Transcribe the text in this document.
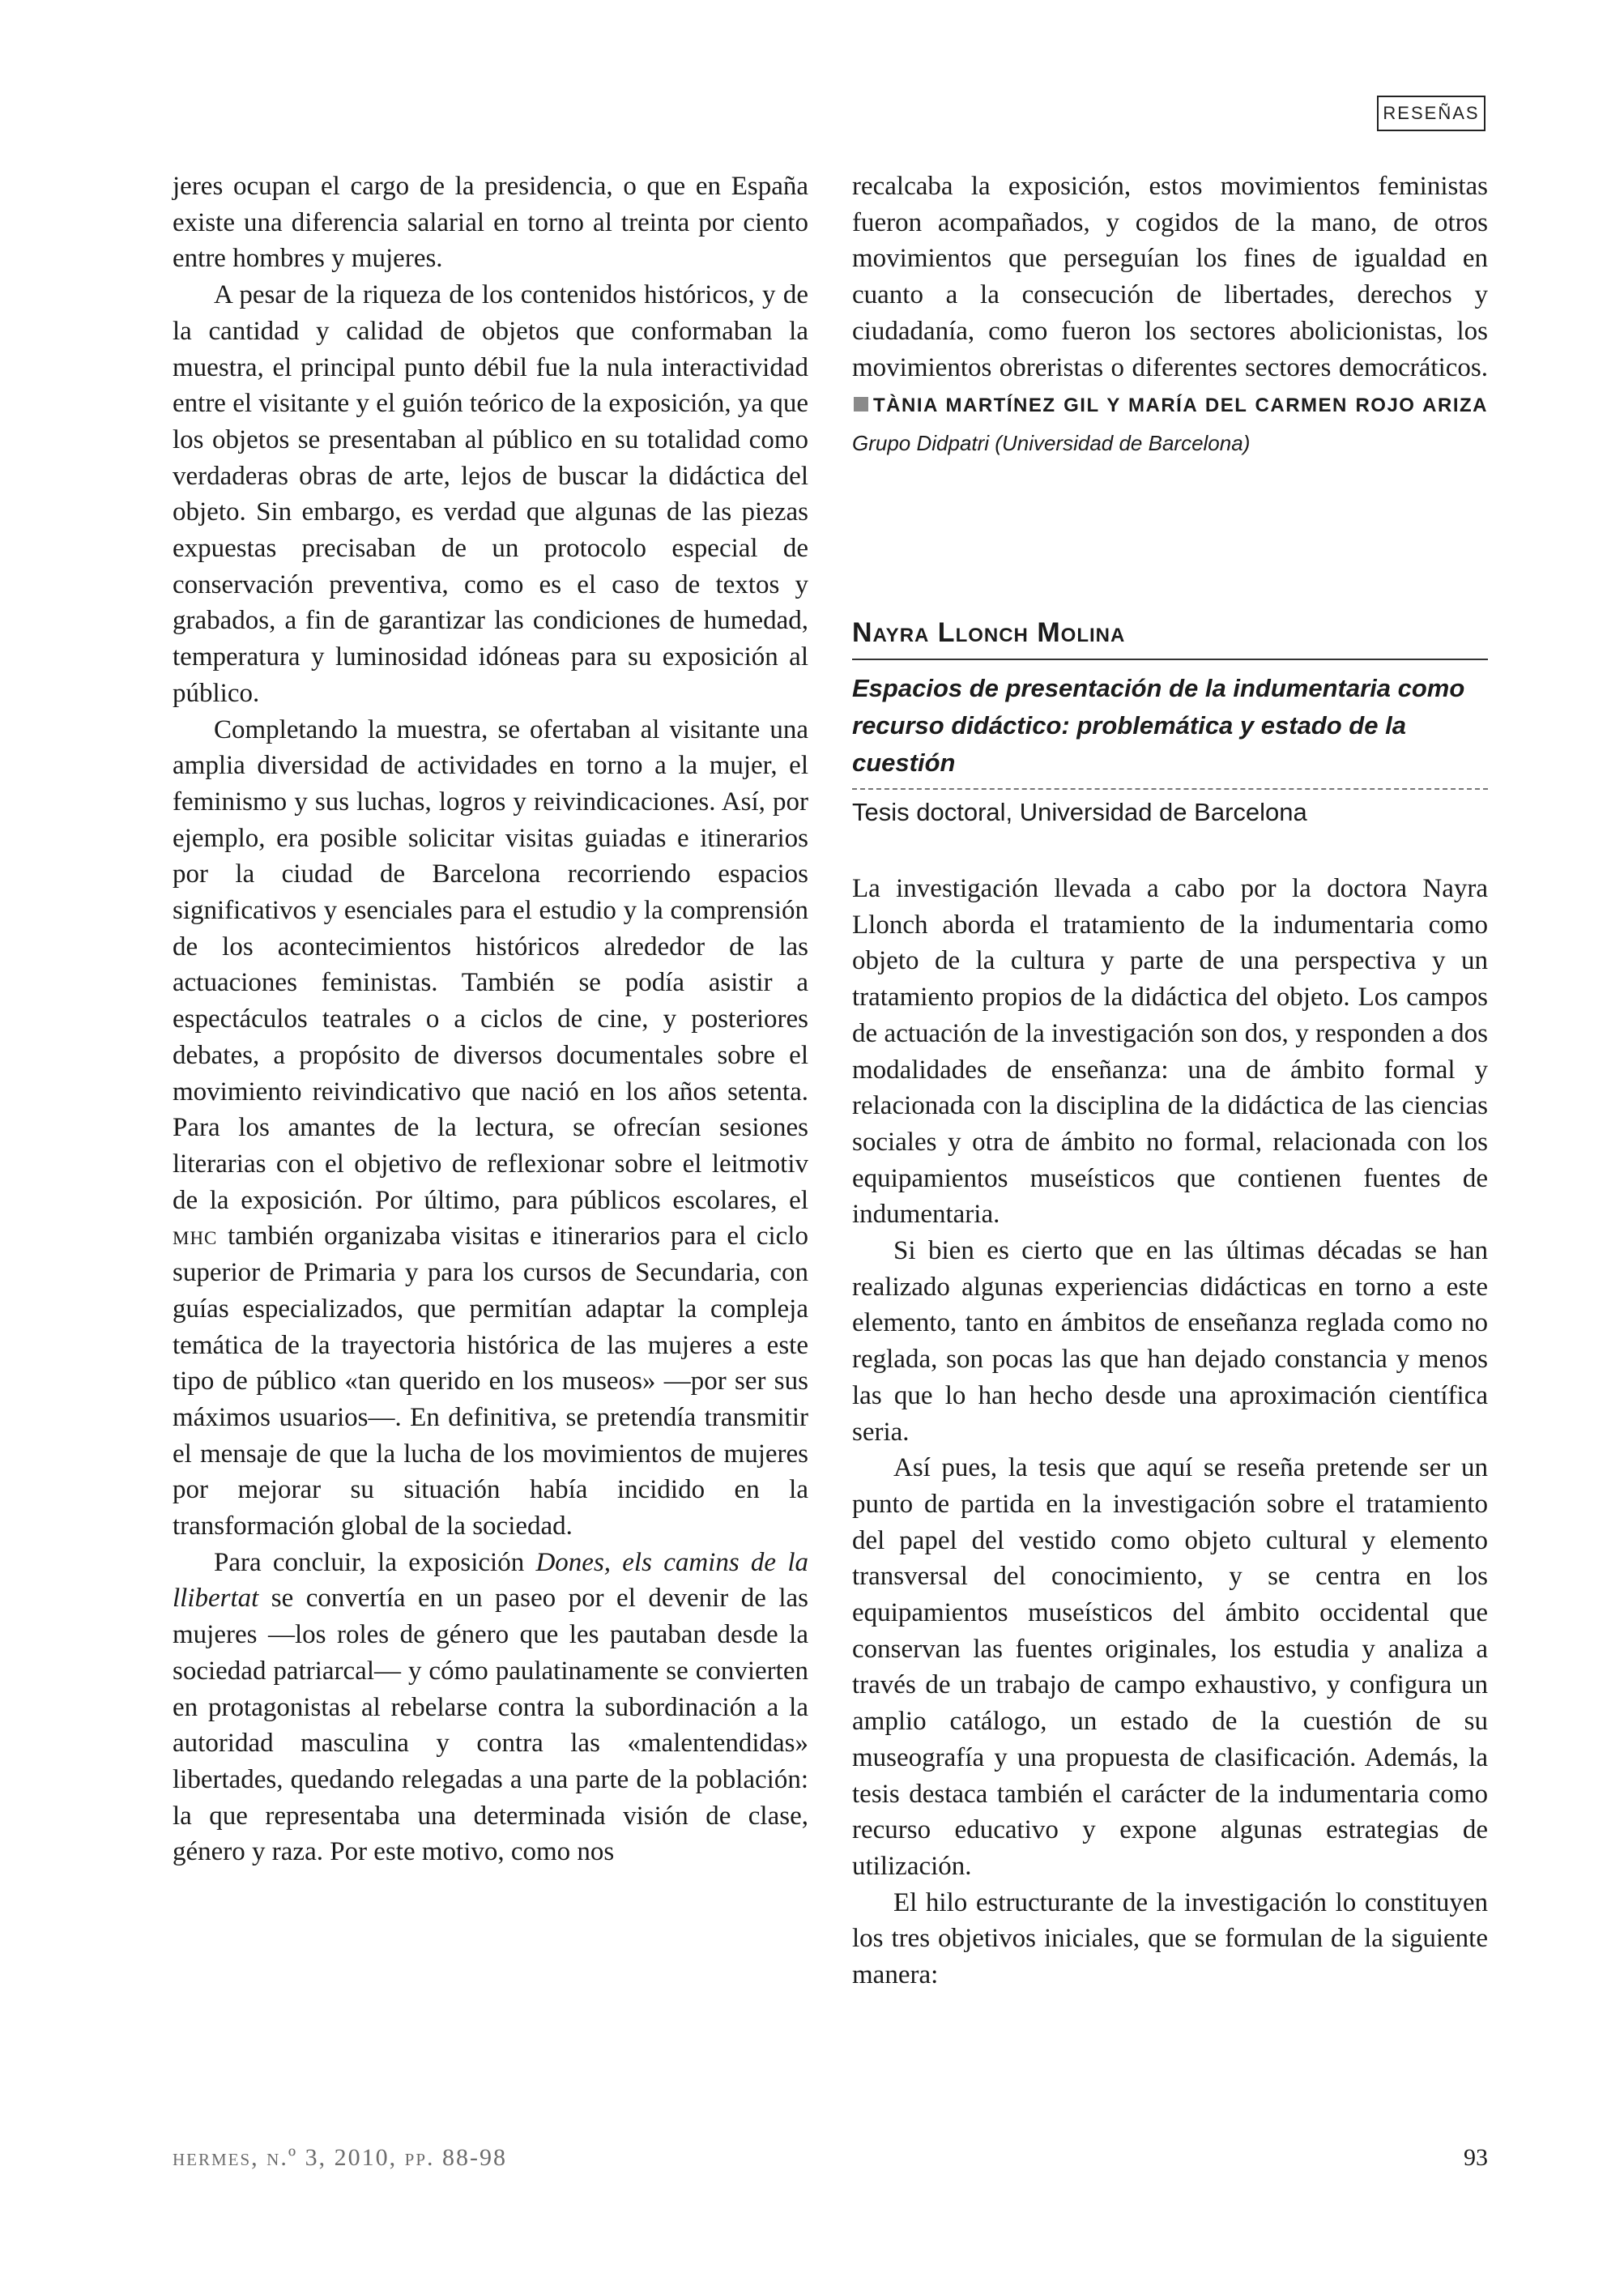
RESEÑAS

jeres ocupan el cargo de la presidencia, o que en España existe una diferencia salarial en torno al treinta por ciento entre hombres y mujeres.

A pesar de la riqueza de los contenidos históricos, y de la cantidad y calidad de objetos que conformaban la muestra, el principal punto débil fue la nula interactividad entre el visitante y el guión teórico de la exposición, ya que los objetos se presentaban al público en su totalidad como verdaderas obras de arte, lejos de buscar la didáctica del objeto. Sin embargo, es verdad que algunas de las piezas expuestas precisaban de un protocolo especial de conservación preventiva, como es el caso de textos y grabados, a fin de garantizar las condiciones de humedad, temperatura y luminosidad idóneas para su exposición al público.

Completando la muestra, se ofertaban al visitante una amplia diversidad de actividades en torno a la mujer, el feminismo y sus luchas, logros y reivindicaciones. Así, por ejemplo, era posible solicitar visitas guiadas e itinerarios por la ciudad de Barcelona recorriendo espacios significativos y esenciales para el estudio y la comprensión de los acontecimientos históricos alrededor de las actuaciones feministas. También se podía asistir a espectáculos teatrales o a ciclos de cine, y posteriores debates, a propósito de diversos documentales sobre el movimiento reivindicativo que nació en los años setenta. Para los amantes de la lectura, se ofrecían sesiones literarias con el objetivo de reflexionar sobre el leitmotiv de la exposición. Por último, para públicos escolares, el mhc también organizaba visitas e itinerarios para el ciclo superior de Primaria y para los cursos de Secundaria, con guías especializados, que permitían adaptar la compleja temática de la trayectoria histórica de las mujeres a este tipo de público «tan querido en los museos» —por ser sus máximos usuarios—. En definitiva, se pretendía transmitir el mensaje de que la lucha de los movimientos de mujeres por mejorar su situación había incidido en la transformación global de la sociedad.

Para concluir, la exposición Dones, els camins de la llibertat se convertía en un paseo por el devenir de las mujeres —los roles de género que les pautaban desde la sociedad patriarcal— y cómo paulatinamente se convierten en protagonistas al rebelarse contra la subordinación a la autoridad masculina y contra las «malentendidas» libertades, quedando relegadas a una parte de la población: la que representaba una determinada visión de clase, género y raza. Por este motivo, como nos

recalcaba la exposición, estos movimientos feministas fueron acompañados, y cogidos de la mano, de otros movimientos que perseguían los fines de igualdad en cuanto a la consecución de libertades, derechos y ciudadanía, como fueron los sectores abolicionistas, los movimientos obreristas o diferentes sectores democráticos. TÀNIA MARTÍNEZ GIL Y MARÍA DEL CARMEN ROJO ARIZA Grupo Didpatri (Universidad de Barcelona)

Nayra Llonch Molina
Espacios de presentación de la indumentaria como recurso didáctico: problemática y estado de la cuestión
Tesis doctoral, Universidad de Barcelona

La investigación llevada a cabo por la doctora Nayra Llonch aborda el tratamiento de la indumentaria como objeto de la cultura y parte de una perspectiva y un tratamiento propios de la didáctica del objeto. Los campos de actuación de la investigación son dos, y responden a dos modalidades de enseñanza: una de ámbito formal y relacionada con la disciplina de la didáctica de las ciencias sociales y otra de ámbito no formal, relacionada con los equipamientos museísticos que contienen fuentes de indumentaria.

Si bien es cierto que en las últimas décadas se han realizado algunas experiencias didácticas en torno a este elemento, tanto en ámbitos de enseñanza reglada como no reglada, son pocas las que han dejado constancia y menos las que lo han hecho desde una aproximación científica seria.

Así pues, la tesis que aquí se reseña pretende ser un punto de partida en la investigación sobre el tratamiento del papel del vestido como objeto cultural y elemento transversal del conocimiento, y se centra en los equipamientos museísticos del ámbito occidental que conservan las fuentes originales, los estudia y analiza a través de un trabajo de campo exhaustivo, y configura un amplio catálogo, un estado de la cuestión de su museografía y una propuesta de clasificación. Además, la tesis destaca también el carácter de la indumentaria como recurso educativo y expone algunas estrategias de utilización.

El hilo estructurante de la investigación lo constituyen los tres objetivos iniciales, que se formulan de la siguiente manera:

hermes, n.º 3, 2010, pp. 88-98	93
